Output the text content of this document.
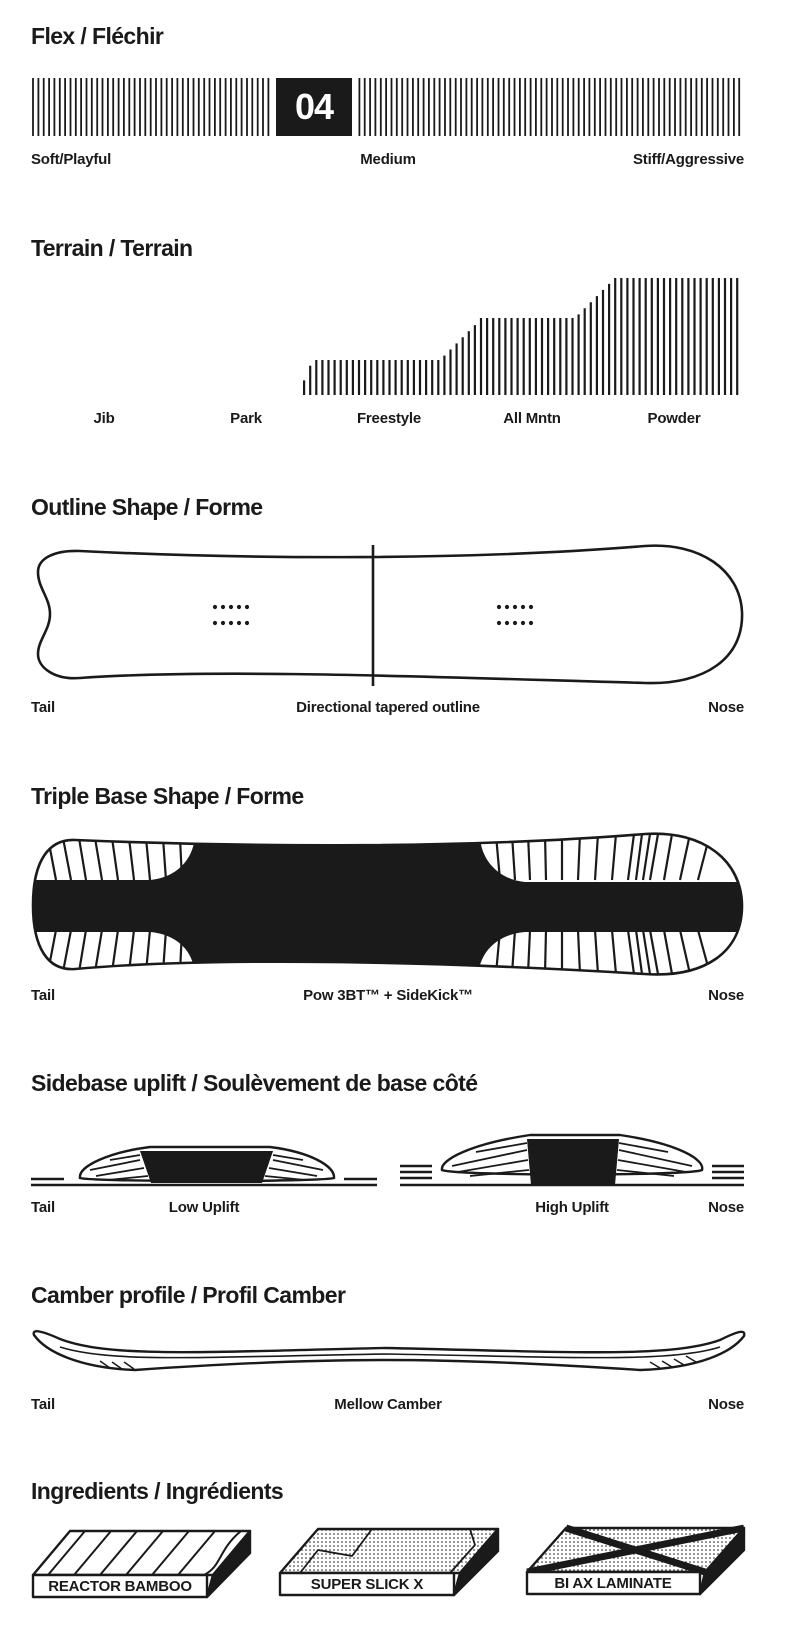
Flex / Fléchir
04
Soft/Playful	Medium	Stiff/Aggressive
Terrain / Terrain
Jib	Park	Freestyle	All Mntn	Powder
Outline Shape / Forme
Tail	Directional tapered outline	Nose
Triple Base Shape / Forme
Tail	Pow 3BT™ + SideKick™	Nose
Sidebase uplift / Soulèvement de base côté
Tail	Low Uplift	High Uplift	Nose
Camber profile / Profil Camber
Tail	Mellow Camber	Nose
Ingredients / Ingrédients
REACTOR BAMBOO	SUPER SLICK X	BI AX LAMINATE
